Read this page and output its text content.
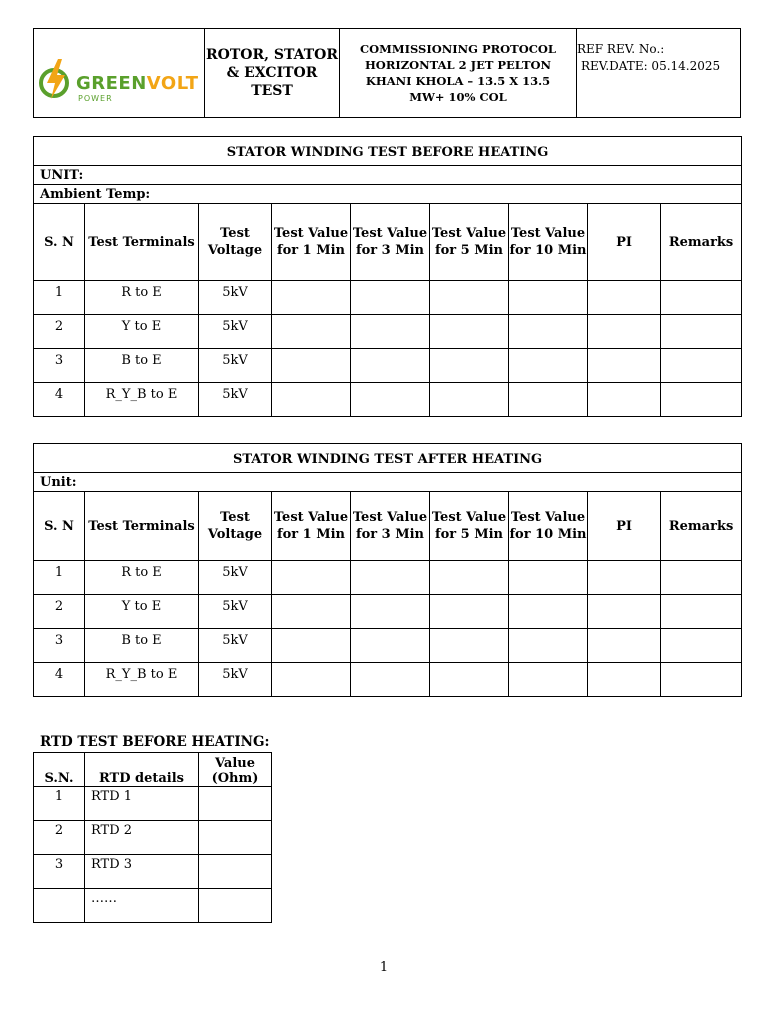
GREENVOLT
POWER

ROTOR, STATOR
& EXCITOR
TEST

COMMISSIONING PROTOCOL
HORIZONTAL 2 JET PELTON
KHANI KHOLA – 13.5 X 13.5
MW+ 10% COL

REF REV. No.:
REV.DATE: 05.14.2025
STATOR WINDING TEST BEFORE HEATING								
UNIT:								
Ambient Temp:								
S. N	Test Terminals	Test Voltage	Test Value for 1 Min	Test Value for 3 Min	Test Value for 5 Min	Test Value for 10 Min	PI	Remarks
1	R to E	5kV						
2	Y to E	5kV						
3	B to E	5kV						
4	R_Y_B to E	5kV						
STATOR WINDING TEST AFTER HEATING								
Unit:								
S. N	Test Terminals	Test Voltage	Test Value for 1 Min	Test Value for 3 Min	Test Value for 5 Min	Test Value for 10 Min	PI	Remarks
1	R to E	5kV						
2	Y to E	5kV						
3	B to E	5kV						
4	R_Y_B to E	5kV						
RTD TEST BEFORE HEATING:
S.N.	RTD details	Value
(Ohm)

1	RTD 1	
2	RTD 2	
3	RTD 3	
	……	
1
